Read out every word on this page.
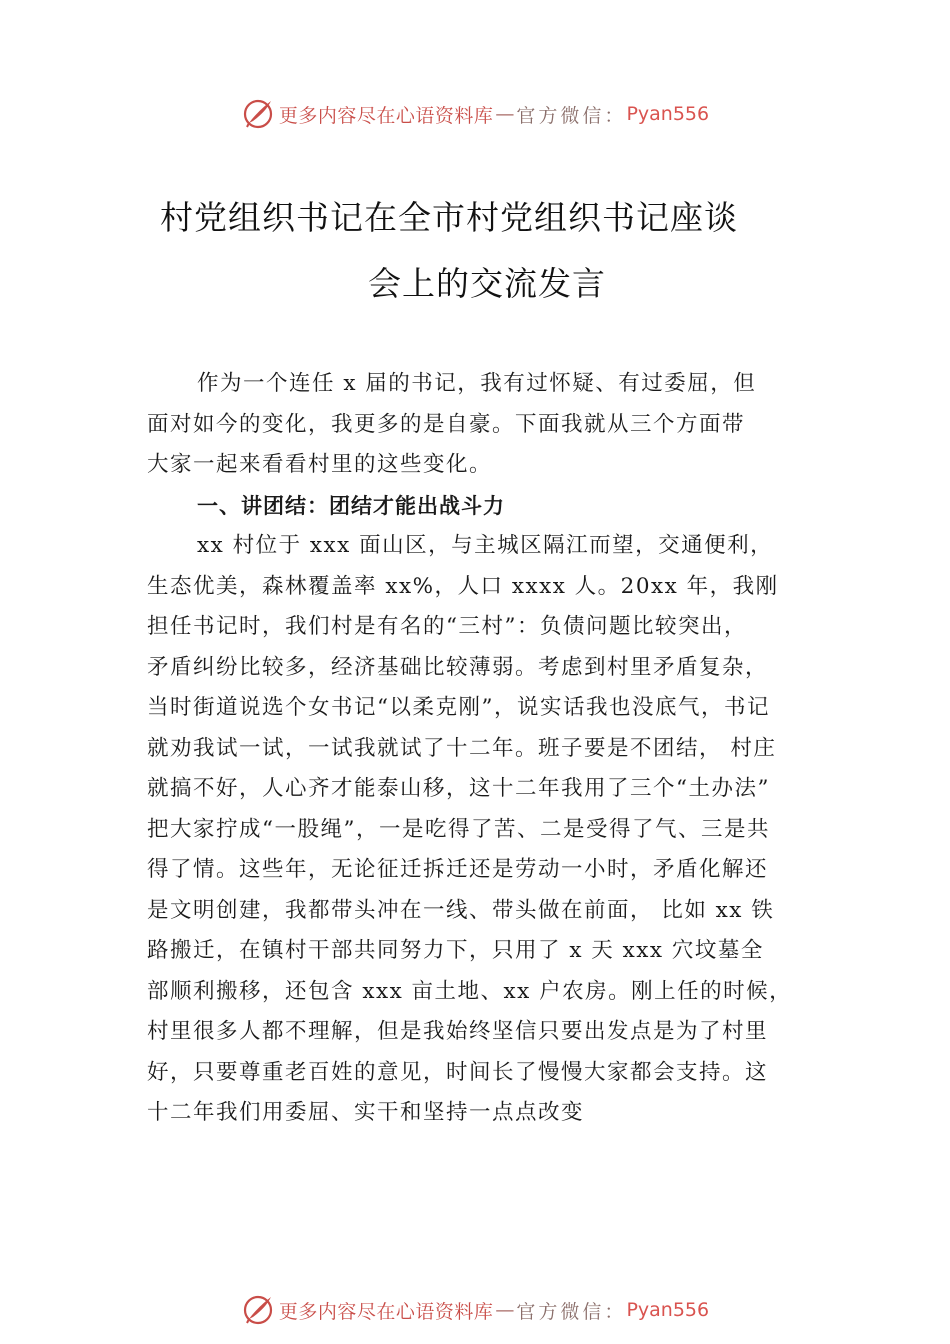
更多内容尽在心语资料库 — 官方微信： Pyan556
村党组织书记在全市村党组织书记座谈
会上的交流发言
作为一个连任 x 届的书记，我有过怀疑、有过委屈，但
面对如今的变化，我更多的是自豪。下面我就从三个方面带
大家一起来看看村里的这些变化。
一、讲团结：团结才能出战斗力
xx 村位于 xxx 面山区，与主城区隔江而望，交通便利，
生态优美，森林覆盖率 xx%，人口 xxxx 人。20xx 年，我刚
担任书记时，我们村是有名的“三村”：负债问题比较突出，
矛盾纠纷比较多，经济基础比较薄弱。考虑到村里矛盾复杂，
当时街道说选个女书记“以柔克刚”，说实话我也没底气，书记
就劝我试一试，一试我就试了十二年。班子要是不团结， 村庄
就搞不好，人心齐才能泰山移，这十二年我用了三个“土办法”
把大家拧成“一股绳”，一是吃得了苦、二是受得了气、三是共
得了情。这些年，无论征迁拆迁还是劳动一小时，矛盾化解还
是文明创建，我都带头冲在一线、带头做在前面， 比如 xx 铁
路搬迁，在镇村干部共同努力下，只用了 x 天 xxx 穴坟墓全
部顺利搬移，还包含 xxx 亩土地、xx 户农房。刚上任的时候，
村里很多人都不理解，但是我始终坚信只要出发点是为了村里
好，只要尊重老百姓的意见，时间长了慢慢大家都会支持。这
十二年我们用委屈、实干和坚持一点点改变
更多内容尽在心语资料库 — 官方微信： Pyan556
